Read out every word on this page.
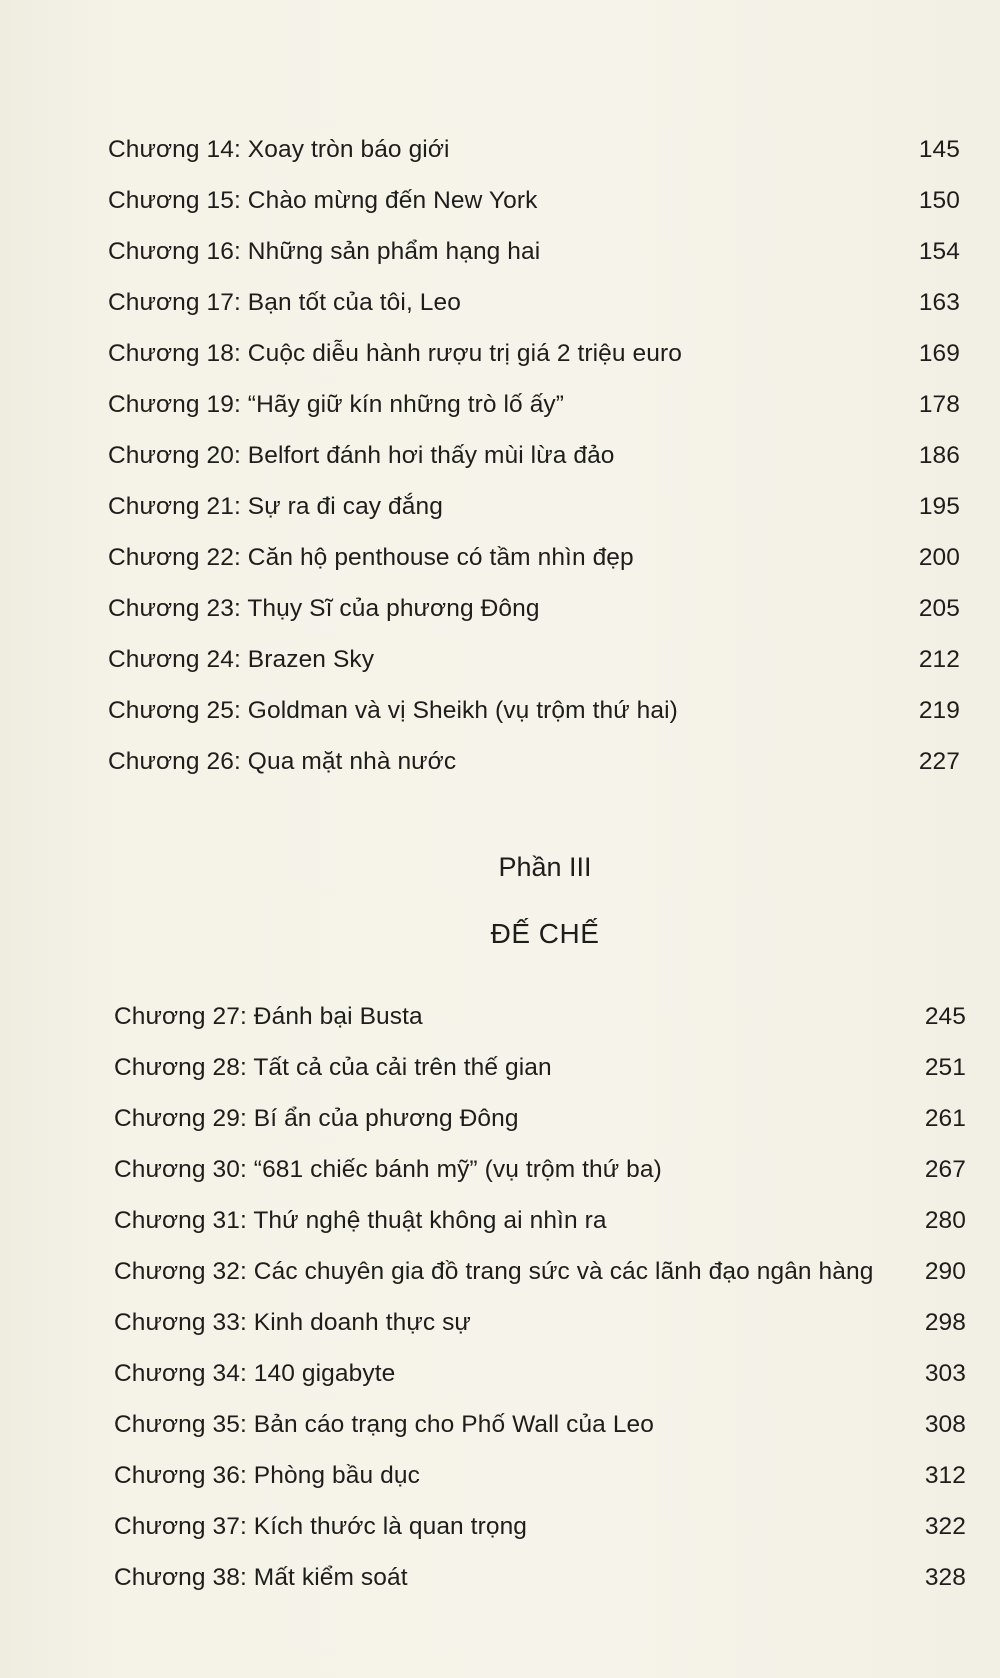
Chương 14: Xoay tròn báo giới	145
Chương 15: Chào mừng đến New York	150
Chương 16: Những sản phẩm hạng hai	154
Chương 17: Bạn tốt của tôi, Leo	163
Chương 18: Cuộc diễu hành rượu trị giá 2 triệu euro	169
Chương 19: “Hãy giữ kín những trò lố ấy”	178
Chương 20: Belfort đánh hơi thấy mùi lừa đảo	186
Chương 21: Sự ra đi cay đắng	195
Chương 22: Căn hộ penthouse có tầm nhìn đẹp	200
Chương 23: Thụy Sĩ của phương Đông	205
Chương 24: Brazen Sky	212
Chương 25: Goldman và vị Sheikh (vụ trộm thứ hai)	219
Chương 26: Qua mặt nhà nước	227
Phần III
ĐẾ CHẾ
Chương 27: Đánh bại Busta	245
Chương 28: Tất cả của cải trên thế gian	251
Chương 29: Bí ẩn của phương Đông	261
Chương 30: “681 chiếc bánh mỹ” (vụ trộm thứ ba)	267
Chương 31: Thứ nghệ thuật không ai nhìn ra	280
Chương 32: Các chuyên gia đồ trang sức và các lãnh đạo ngân hàng	290
Chương 33: Kinh doanh thực sự	298
Chương 34: 140 gigabyte	303
Chương 35: Bản cáo trạng cho Phố Wall của Leo	308
Chương 36: Phòng bầu dục	312
Chương 37: Kích thước là quan trọng	322
Chương 38: Mất kiểm soát	328
